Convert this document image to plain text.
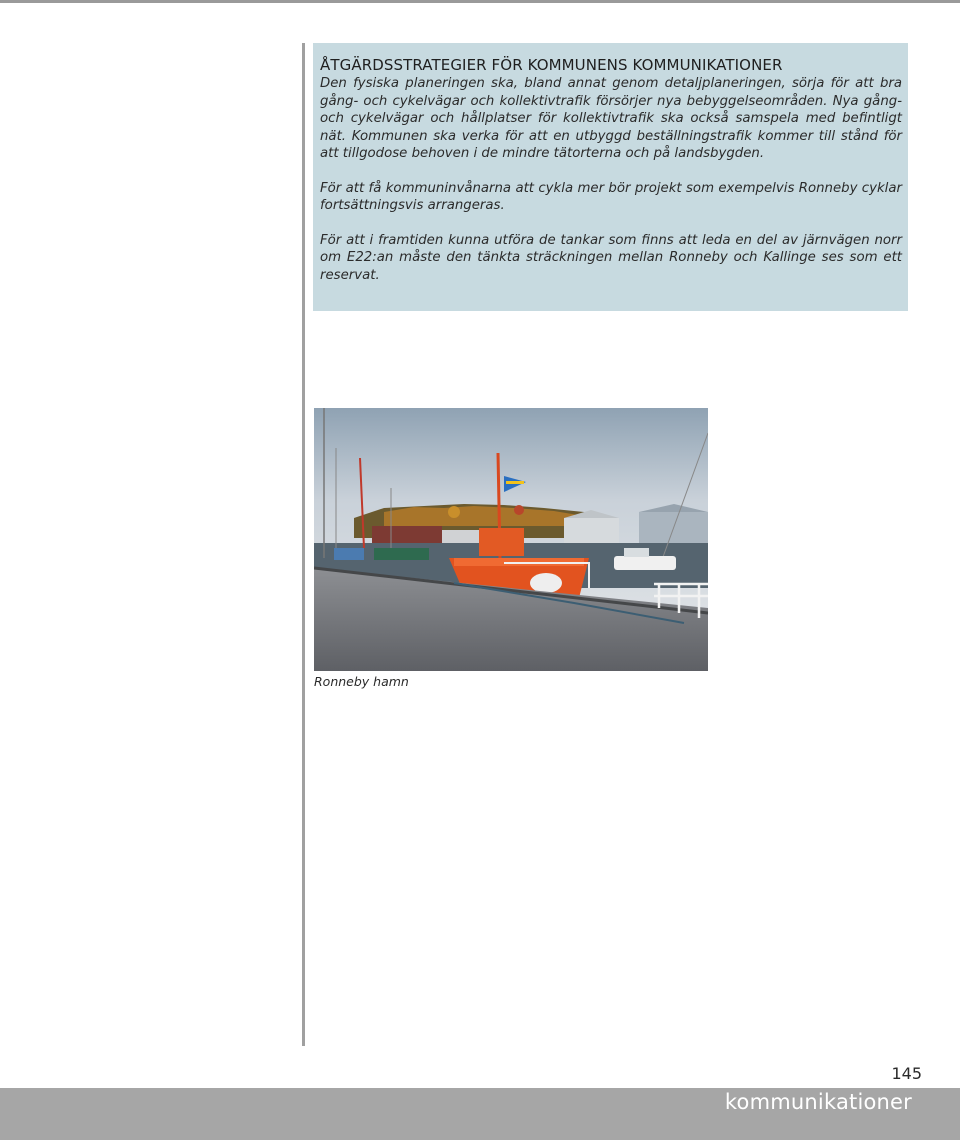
ÅTGÄRDSSTRATEGIER FÖR KOMMUNENS KOMMUNIKATIONER

Den fysiska planeringen ska, bland annat genom detaljplaneringen, sörja för att bra gång- och cykelvägar och kollektivtrafik försörjer nya bebyggelseområden. Nya gång- och cykelvägar och hållplatser för kollektivtrafik ska också samspela med befintligt nät. Kommunen ska verka för att en utbyggd beställningstrafik kommer till stånd för att tillgodose behoven i de mindre tätorterna och på landsbygden.

För att få kommuninvånarna att cykla mer bör projekt som exempelvis Ronneby cyklar fortsättningsvis arrangeras.

För att i framtiden kunna utföra de tankar som finns att leda en del av järnvägen norr om E22:an måste den tänkta sträckningen mellan Ronneby och Kallinge ses som ett reservat.

Ronneby hamn
145
kommunikationer
